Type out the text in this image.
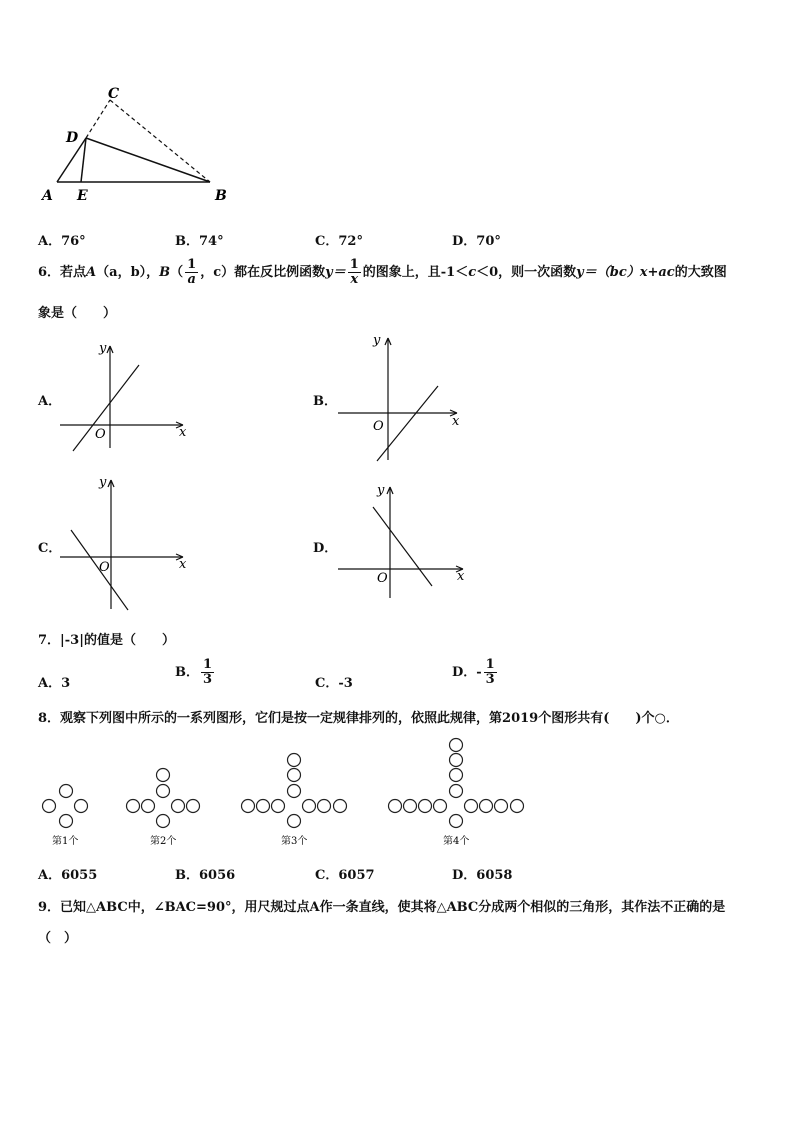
C
D
A E	B
A．76°	B．74°	C．72°	D．70°
6．若点A（a，b），$B( \frac{1}{a}$ ，c）都在反比例函数$y= \frac{1}{x}$ 的图象上，且-1＜c＜0，则一次函数y＝（bc）x+ac的大致图
象是（　　）
A．	B．
C．	D．
x
y
O
x
y
O
x
y
O
x
y
O
7．|-3|的值是（　　）
A．3
B． $\frac{1}{3}$	C．-3
D．- $\frac{1}{3}$
8．观察下列图中所示的一系列图形，它们是按一定规律排列的，依照此规律，第2019个图形共有(　　)个○．
第1个	第2个	第3个	第4个
A．6055	B．6056	C．6057	D．6058
9．已知△ABC中，∠BAC=90°，用尺规过点A作一条直线，使其将△ABC分成两个相似的三角形，其作法不正确的是
（　）
